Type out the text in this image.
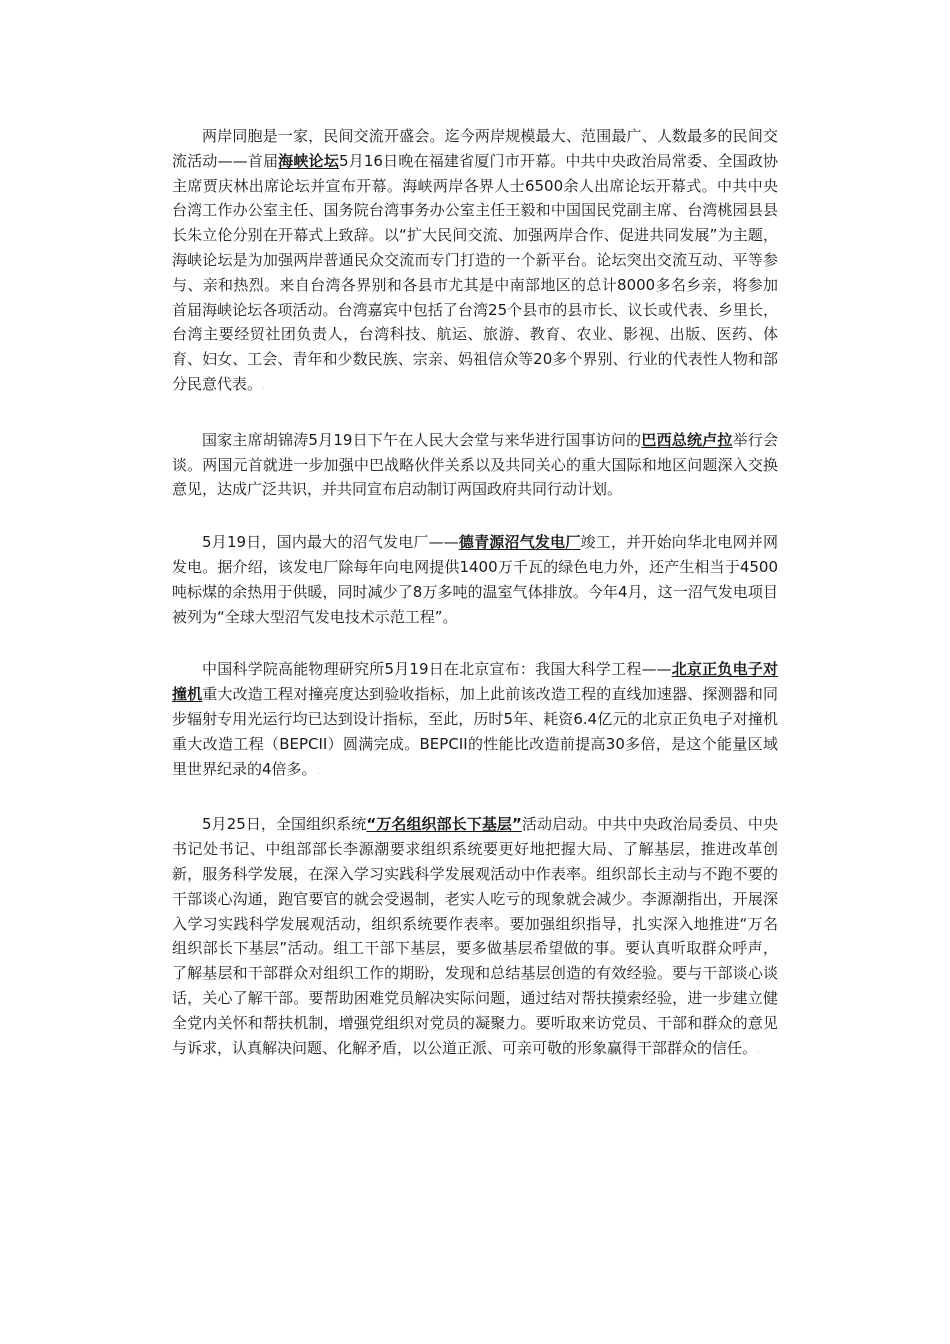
两岸同胞是一家，民间交流开盛会。迄今两岸规模最大、范围最广、人数最多的民间交流活动——首届海峡论坛5月16日晚在福建省厦门市开幕。中共中央政治局常委、全国政协主席贾庆林出席论坛并宣布开幕。海峡两岸各界人士6500余人出席论坛开幕式。中共中央台湾工作办公室主任、国务院台湾事务办公室主任王毅和中国国民党副主席、台湾桃园县县长朱立伦分别在开幕式上致辞。以“扩大民间交流、加强两岸合作、促进共同发展”为主题，海峡论坛是为加强两岸普通民众交流而专门打造的一个新平台。论坛突出交流互动、平等参与、亲和热烈。来自台湾各界别和各县市尤其是中南部地区的总计8000多名乡亲，将参加首届海峡论坛各项活动。台湾嘉宾中包括了台湾25个县市的县市长、议长或代表、乡里长，台湾主要经贸社团负责人，台湾科技、航运、旅游、教育、农业、影视、出版、医药、体育、妇女、工会、青年和少数民族、宗亲、妈祖信众等20多个界别、行业的代表性人物和部分民意代表。.

国家主席胡锦涛5月19日下午在人民大会堂与来华进行国事访问的巴西总统卢拉举行会谈。两国元首就进一步加强中巴战略伙伴关系以及共同关心的重大国际和地区问题深入交换意见，达成广泛共识，并共同宣布启动制订两国政府共同行动计划。

5月19日，国内最大的沼气发电厂——德青源沼气发电厂竣工，并开始向华北电网并网发电。据介绍，该发电厂除每年向电网提供1400万千瓦的绿色电力外，还产生相当于4500吨标煤的余热用于供暖，同时减少了8万多吨的温室气体排放。今年4月，这一沼气发电项目被列为“全球大型沼气发电技术示范工程”。

中国科学院高能物理研究所5月19日在北京宣布：我国大科学工程——北京正负电子对撞机重大改造工程对撞亮度达到验收指标，加上此前该改造工程的直线加速器、探测器和同步辐射专用光运行均已达到设计指标，至此，历时5年、耗资6.4亿元的北京正负电子对撞机重大改造工程（BEPCII）圆满完成。BEPCII的性能比改造前提高30多倍，是这个能量区域里世界纪录的4倍多。.

5月25日，全国组织系统“万名组织部长下基层”活动启动。中共中央政治局委员、中央书记处书记、中组部部长李源潮要求组织系统要更好地把握大局、了解基层，推进改革创新，服务科学发展，在深入学习实践科学发展观活动中作表率。组织部长主动与不跑不要的干部谈心沟通，跑官要官的就会受遏制，老实人吃亏的现象就会减少。李源潮指出，开展深入学习实践科学发展观活动，组织系统要作表率。要加强组织指导，扎实深入地推进“万名组织部长下基层”活动。组工干部下基层，要多做基层希望做的事。要认真听取群众呼声，了解基层和干部群众对组织工作的期盼，发现和总结基层创造的有效经验。要与干部谈心谈话，关心了解干部。要帮助困难党员解决实际问题，通过结对帮扶摸索经验，进一步建立健全党内关怀和帮扶机制，增强党组织对党员的凝聚力。要听取来访党员、干部和群众的意见与诉求，认真解决问题、化解矛盾，以公道正派、可亲可敬的形象赢得干部群众的信任。.
